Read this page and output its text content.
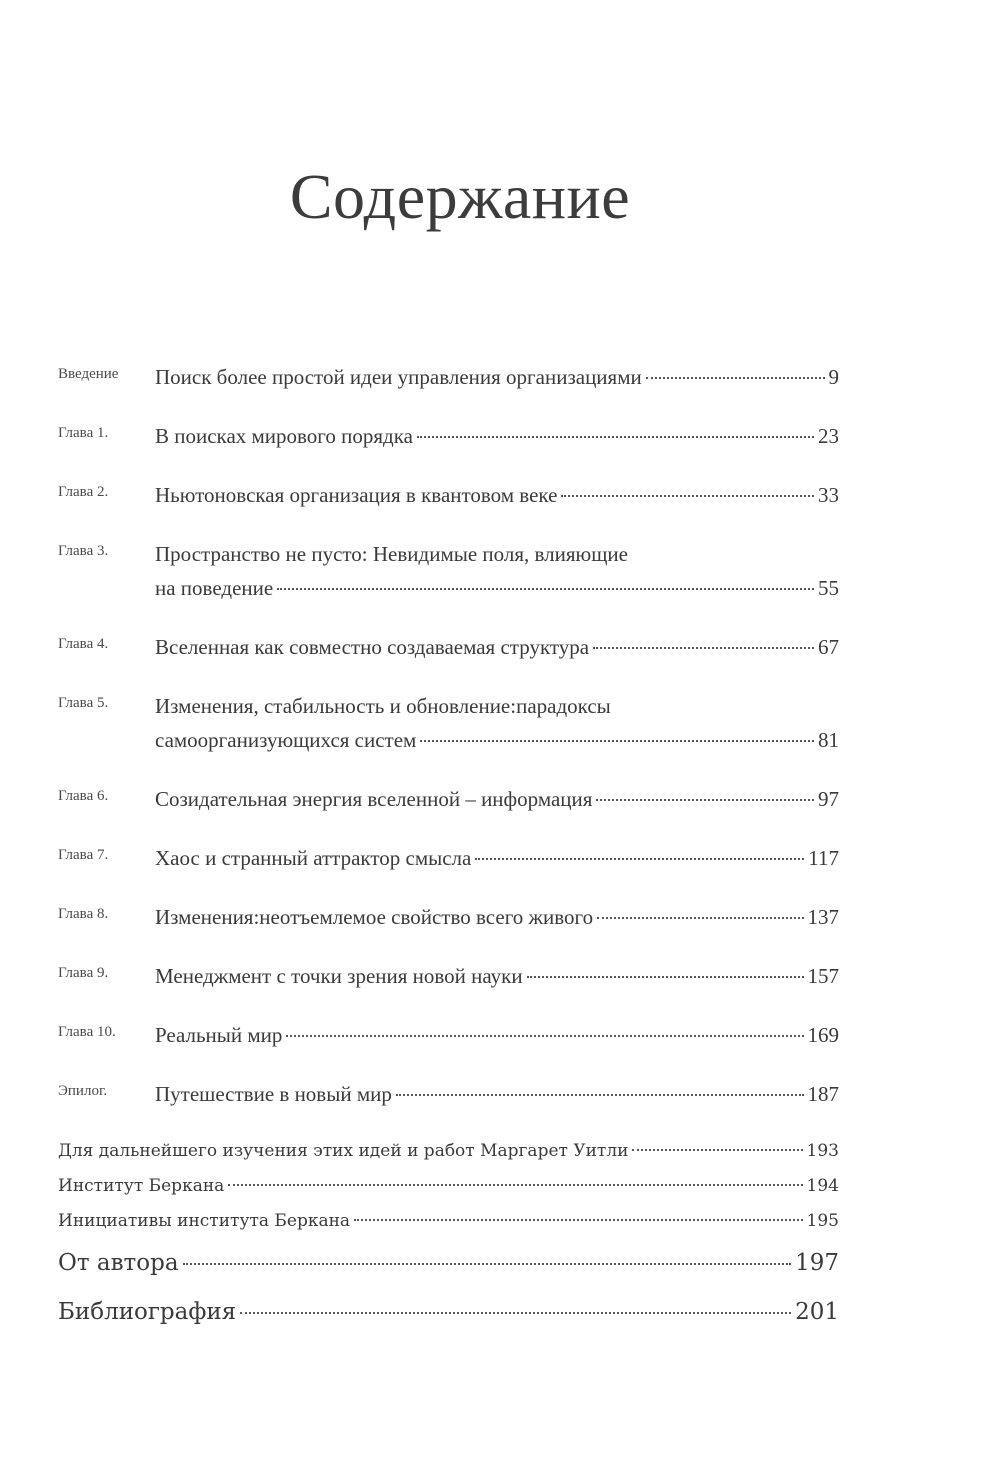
Содержание
Введение	Поиск более простой идеи управления организациями	9
Глава 1.	В поисках мирового порядка	23
Глава 2.	Ньютоновская организация в квантовом веке	33
Глава 3.	Пространство не пусто: Невидимые поля, влияющие
на поведение	55
Глава 4.	Вселенная как совместно создаваемая структура	67
Глава 5.	Изменения, стабильность и обновление:парадоксы
самоорганизующихся систем	81
Глава 6.	Созидательная энергия вселенной – информация	97
Глава 7.	Хаос и странный аттрактор смысла	117
Глава 8.	Изменения:неотъемлемое свойство всего живого	137
Глава 9.	Менеджмент с точки зрения новой науки	157
Глава 10.	Реальный мир	169
Эпилог.	Путешествие в новый мир	187
Для дальнейшего изучения этих идей и работ Маргарет Уитли	193
Институт Беркана	194
Инициативы института Беркана	195
От автора	197
Библиография	201
